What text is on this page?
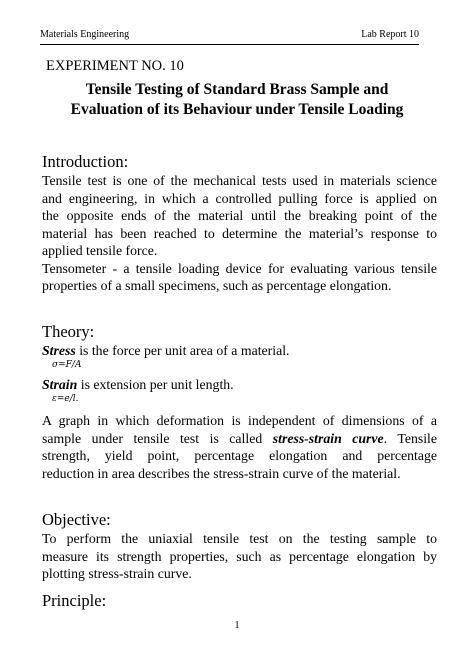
Materials Engineering	Lab Report 10
EXPERIMENT NO. 10
Tensile Testing of Standard Brass Sample and
Evaluation of its Behaviour under Tensile Loading
Introduction:
Tensile test is one of the mechanical tests used in materials science
and engineering, in which a controlled pulling force is applied on
the opposite ends of the material until the breaking point of the
material has been reached to determine the material’s response to
applied tensile force.
Tensometer - a tensile loading device for evaluating various tensile
properties of a small specimens, such as percentage elongation.
Theory:
Stress is the force per unit area of a material.
σ=F/A
Strain is extension per unit length.
ε=e/l.
A graph in which deformation is independent of dimensions of a
sample under tensile test is called stress-strain curve. Tensile
strength, yield point, percentage elongation and percentage
reduction in area describes the stress-strain curve of the material.
Objective:
To perform the uniaxial tensile test on the testing sample to
measure its strength properties, such as percentage elongation by
plotting stress-strain curve.
Principle:
1
